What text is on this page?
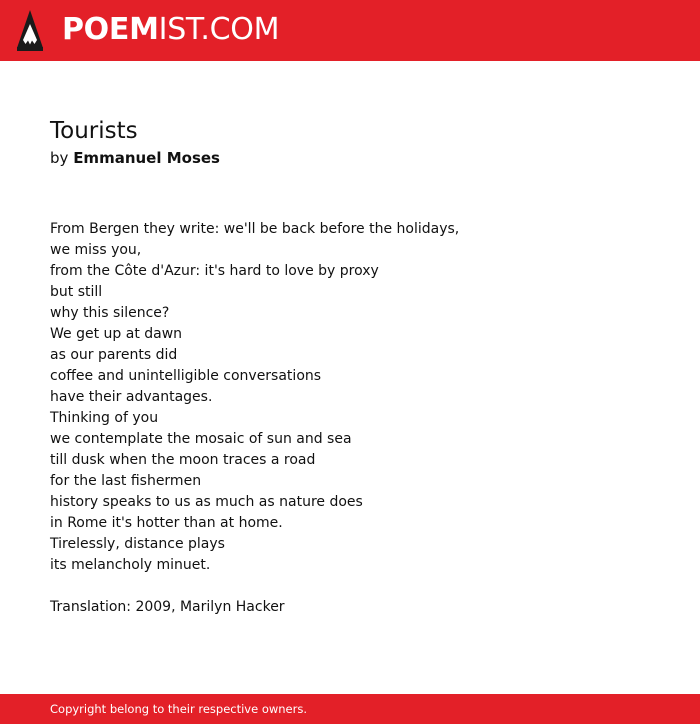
POEMIST.COM
Tourists
by Emmanuel Moses
From Bergen they write: we'll be back before the holidays,
we miss you,
from the Côte d'Azur: it's hard to love by proxy
but still
why this silence?
We get up at dawn
as our parents did
coffee and unintelligible conversations
have their advantages.
Thinking of you
we contemplate the mosaic of sun and sea
till dusk when the moon traces a road
for the last fishermen
history speaks to us as much as nature does
in Rome it's hotter than at home.
Tirelessly, distance plays
its melancholy minuet.
Translation: 2009, Marilyn Hacker
Copyright belong to their respective owners.
